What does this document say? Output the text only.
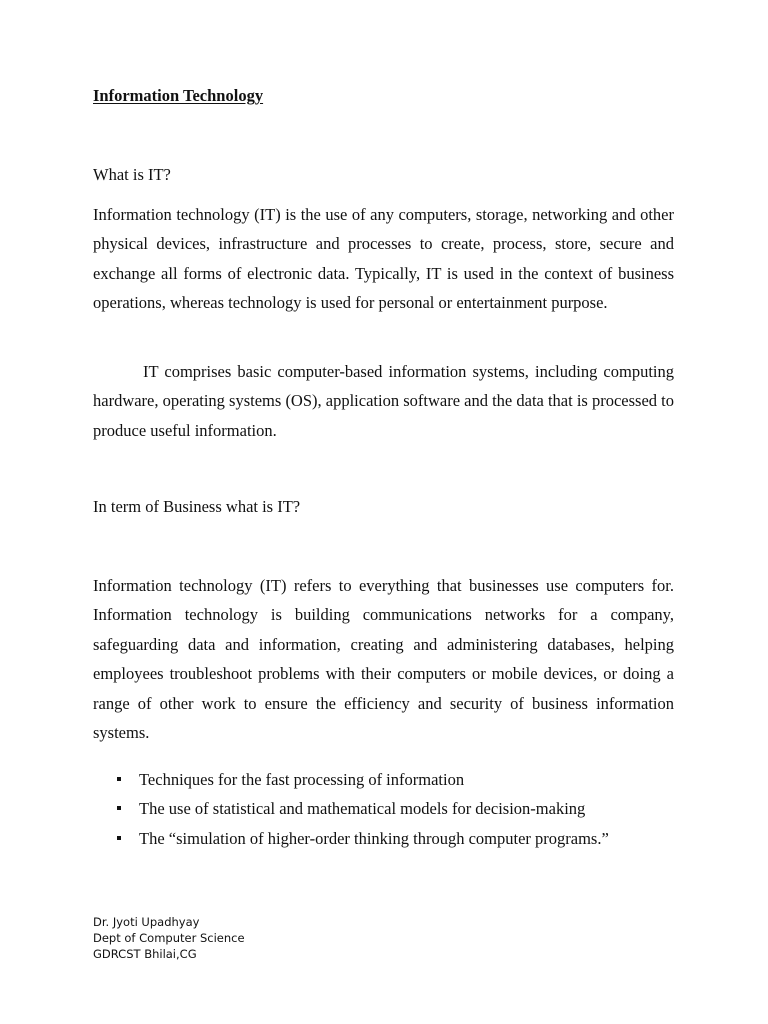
Information Technology
What is IT?

Information technology (IT) is the use of any computers, storage, networking and other physical devices, infrastructure and processes to create, process, store, secure and exchange all forms of electronic data. Typically, IT is used in the context of business operations, whereas technology is used for personal or entertainment purpose.

IT comprises basic computer-based information systems, including computing hardware, operating systems (OS), application software and the data that is processed to produce useful information.

In term of Business what is IT?

Information technology (IT) refers to everything that businesses use computers for. Information technology is building communications networks for a company, safeguarding data and information, creating and administering databases, helping employees troubleshoot problems with their computers or mobile devices, or doing a range of other work to ensure the efficiency and security of business information systems.

Techniques for the fast processing of information
The use of statistical and mathematical models for decision-making
The “simulation of higher-order thinking through computer programs.”
Dr. Jyoti Upadhyay
Dept of Computer Science
GDRCST Bhilai,CG
